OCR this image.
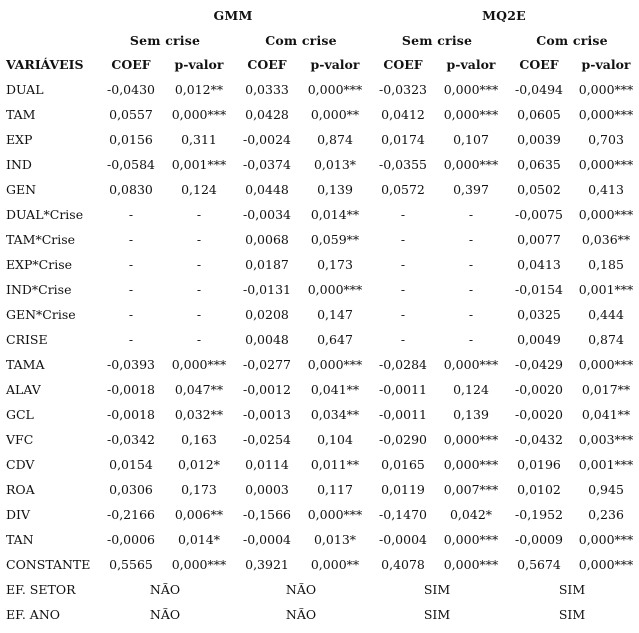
	GMM				MQ2E			
	Sem crise		Com crise		Sem crise		Com crise	
VARIÁVEIS	COEF	p-valor	COEF	p-valor	COEF	p-valor	COEF	p-valor
DUAL	-0,0430	0,012**	0,0333	0,000***	-0,0323	0,000***	-0,0494	0,000***
TAM	0,0557	0,000***	0,0428	0,000**	0,0412	0,000***	0,0605	0,000***
EXP	0,0156	0,311	-0,0024	0,874	0,0174	0,107	0,0039	0,703
IND	-0,0584	0,001***	-0,0374	0,013*	-0,0355	0,000***	0,0635	0,000***
GEN	0,0830	0,124	0,0448	0,139	0,0572	0,397	0,0502	0,413
DUAL*Crise	-	-	-0,0034	0,014**	-	-	-0,0075	0,000***
TAM*Crise	-	-	0,0068	0,059**	-	-	0,0077	0,036**
EXP*Crise	-	-	0,0187	0,173	-	-	0,0413	0,185
IND*Crise	-	-	-0,0131	0,000***	-	-	-0,0154	0,001***
GEN*Crise	-	-	0,0208	0,147	-	-	0,0325	0,444
CRISE	-	-	0,0048	0,647	-	-	0,0049	0,874
TAMA	-0,0393	0,000***	-0,0277	0,000***	-0,0284	0,000***	-0,0429	0,000***
ALAV	-0,0018	0,047**	-0,0012	0,041**	-0,0011	0,124	-0,0020	0,017**
GCL	-0,0018	0,032**	-0,0013	0,034**	-0,0011	0,139	-0,0020	0,041**
VFC	-0,0342	0,163	-0,0254	0,104	-0,0290	0,000***	-0,0432	0,003***
CDV	0,0154	0,012*	0,0114	0,011**	0,0165	0,000***	0,0196	0,001***
ROA	0,0306	0,173	0,0003	0,117	0,0119	0,007***	0,0102	0,945
DIV	-0,2166	0,006**	-0,1566	0,000***	-0,1470	0,042*	-0,1952	0,236
TAN	-0,0006	0,014*	-0,0004	0,013*	-0,0004	0,000***	-0,0009	0,000***
CONSTANTE	0,5565	0,000***	0,3921	0,000**	0,4078	0,000***	0,5674	0,000***
EF. SETOR	NÃO		NÃO		SIM		SIM	
EF. ANO	NÃO		NÃO		SIM		SIM	
